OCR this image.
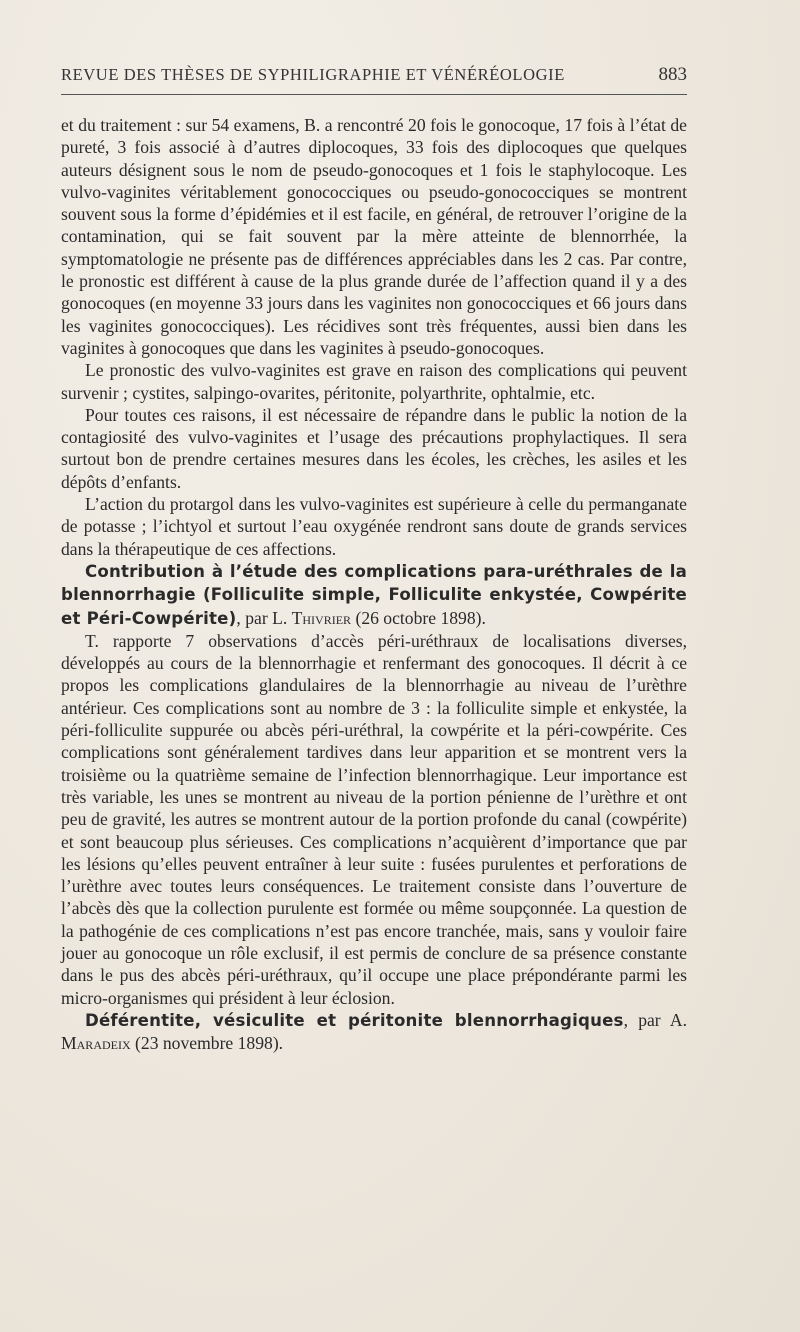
REVUE DES THÈSES DE SYPHILIGRAPHIE ET VÉNÉRÉOLOGIE	883

et du traitement : sur 54 examens, B. a rencontré 20 fois le gonocoque, 17 fois à l’état de pureté, 3 fois associé à d’autres diplocoques, 33 fois des diplocoques que quelques auteurs désignent sous le nom de pseudo-gonocoques et 1 fois le staphylocoque. Les vulvo-vaginites véritablement gonococciques ou pseudo-gonococciques se montrent souvent sous la forme d’épidémies et il est facile, en général, de retrouver l’origine de la contamination, qui se fait souvent par la mère atteinte de blennorrhée, la symptomatologie ne présente pas de différences appréciables dans les 2 cas. Par contre, le pronostic est différent à cause de la plus grande durée de l’affection quand il y a des gonocoques (en moyenne 33 jours dans les vaginites non gonococciques et 66 jours dans les vaginites gonococciques). Les récidives sont très fréquentes, aussi bien dans les vaginites à gonocoques que dans les vaginites à pseudo-gonocoques.

Le pronostic des vulvo-vaginites est grave en raison des complications qui peuvent survenir ; cystites, salpingo-ovarites, péritonite, polyarthrite, ophtalmie, etc.

Pour toutes ces raisons, il est nécessaire de répandre dans le public la notion de la contagiosité des vulvo-vaginites et l’usage des précautions prophylactiques. Il sera surtout bon de prendre certaines mesures dans les écoles, les crèches, les asiles et les dépôts d’enfants.

L’action du protargol dans les vulvo-vaginites est supérieure à celle du permanganate de potasse ; l’ichtyol et surtout l’eau oxygénée rendront sans doute de grands services dans la thérapeutique de ces affections.

Contribution à l’étude des complications para-uréthrales de la blennorrhagie (Folliculite simple, Folliculite enkystée, Cowpérite et Péri-Cowpérite), par L. Thivrier (26 octobre 1898).

T. rapporte 7 observations d’accès péri-uréthraux de localisations diverses, développés au cours de la blennorrhagie et renfermant des gonocoques. Il décrit à ce propos les complications glandulaires de la blennorrhagie au niveau de l’urèthre antérieur. Ces complications sont au nombre de 3 : la folliculite simple et enkystée, la péri-folliculite suppurée ou abcès péri-uréthral, la cowpérite et la péri-cowpérite. Ces complications sont généralement tardives dans leur apparition et se montrent vers la troisième ou la quatrième semaine de l’infection blennorrhagique. Leur importance est très variable, les unes se montrent au niveau de la portion pénienne de l’urèthre et ont peu de gravité, les autres se montrent autour de la portion profonde du canal (cowpérite) et sont beaucoup plus sérieuses. Ces complications n’acquièrent d’importance que par les lésions qu’elles peuvent entraîner à leur suite : fusées purulentes et perforations de l’urèthre avec toutes leurs conséquences. Le traitement consiste dans l’ouverture de l’abcès dès que la collection purulente est formée ou même soupçonnée. La question de la pathogénie de ces complications n’est pas encore tranchée, mais, sans y vouloir faire jouer au gonocoque un rôle exclusif, il est permis de conclure de sa présence constante dans le pus des abcès péri-uréthraux, qu’il occupe une place prépondérante parmi les micro-organismes qui président à leur éclosion.

Déférentite, vésiculite et péritonite blennorrhagiques, par A. Maradeix (23 novembre 1898).
